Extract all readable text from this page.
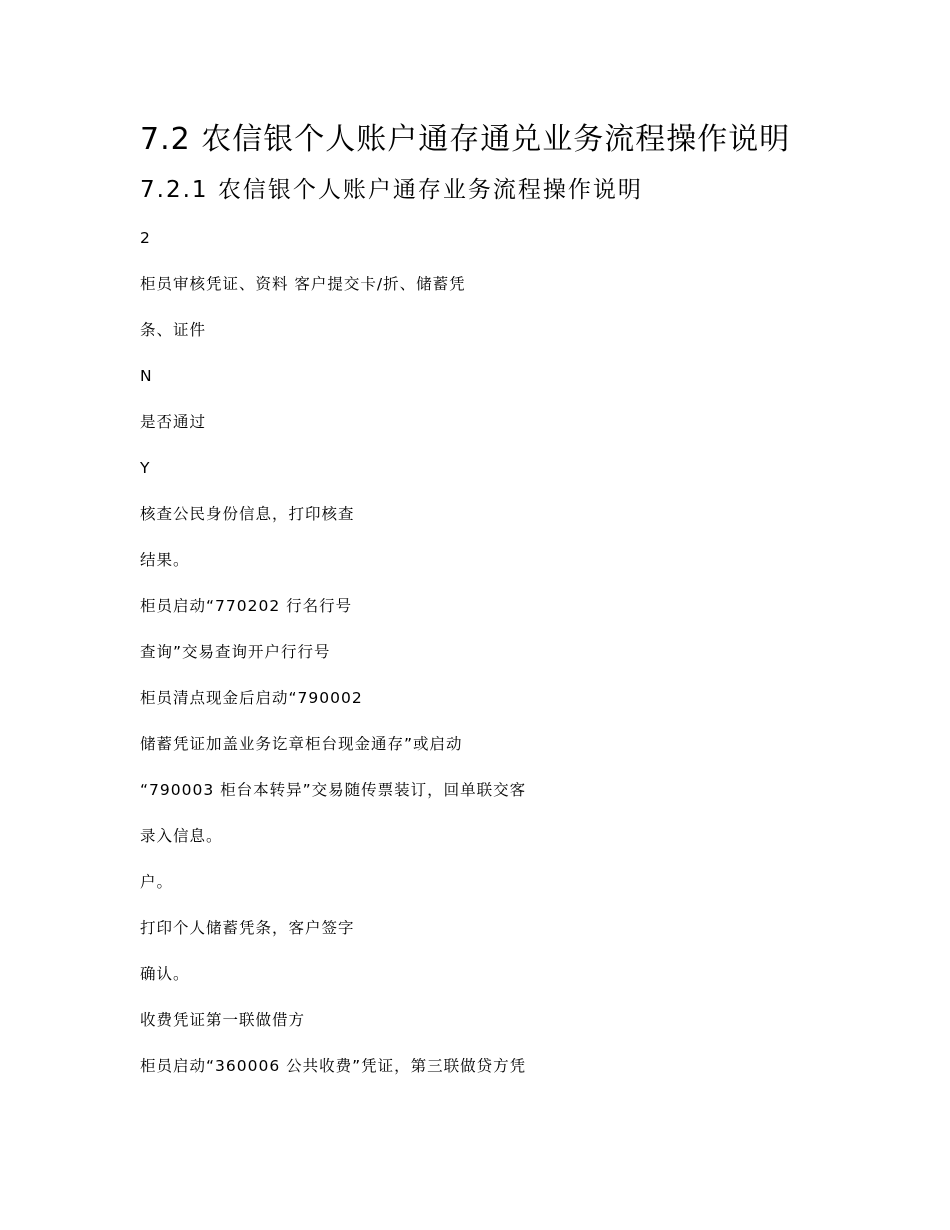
7.2 农信银个人账户通存通兑业务流程操作说明
7.2.1 农信银个人账户通存业务流程操作说明
2
柜员审核凭证、资料 客户提交卡/折、储蓄凭
条、证件
N
是否通过
Y
核查公民身份信息，打印核查
结果。
柜员启动“770202 行名行号
查询”交易查询开户行行号
柜员清点现金后启动“790002
储蓄凭证加盖业务讫章柜台现金通存”或启动
“790003 柜台本转异”交易随传票装订，回单联交客
录入信息。
户。
打印个人储蓄凭条，客户签字
确认。
收费凭证第一联做借方
柜员启动“360006 公共收费”凭证，第三联做贷方凭
